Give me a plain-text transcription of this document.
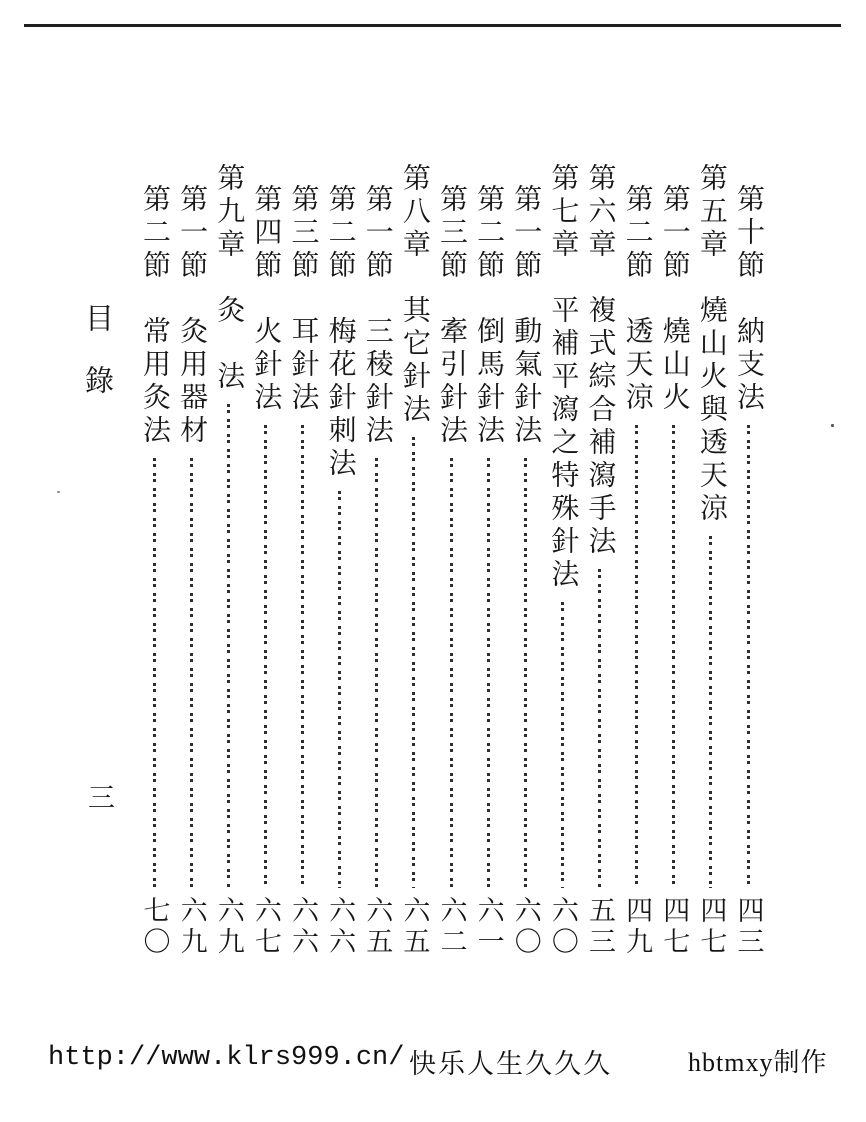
目　錄	第十節　納支法
四三
第五章　燒山火與透天涼
四七
第一節　燒山火
四七
第二節　透天涼
四九
第六章　複式綜合補瀉手法
五三
第七章　平補平瀉之特殊針法
六〇
第一節　動氣針法
六〇
第二節　倒馬針法
六一
第三節　牽引針法
六二
第八章　其它針法
六五
第一節　三稜針法
六五
第二節　梅花針刺法
六六
第三節　耳針法
六六
第四節　火針法
六七
第九章　灸　法
六九
第一節　灸用器材
六九
第二節　常用灸法
七〇
三
http://www.klrs999.cn/ 快乐人生久久久	hbtmxy制作
